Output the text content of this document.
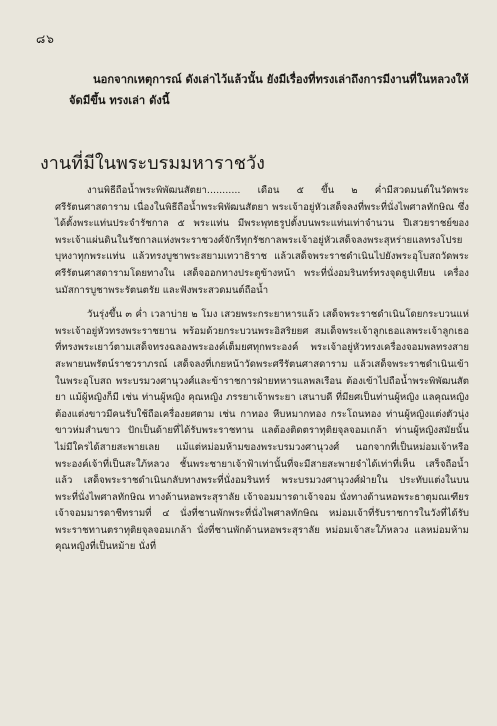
๘๖

นอกจากเหตุการณ์ ดังเล่าไว้แล้วนั้น ยังมีเรื่องที่ทรงเล่าถึงการมีงานที่ในหลวงให้จัดมีขึ้น ทรงเล่า ดังนี้

งานที่มีในพระบรมมหาราชวัง

งานพิธีถือน้ำพระพิพัฒนสัตยา........... เดือน ๕ ขึ้น ๒ ค่ำมีสวดมนต์ในวัดพระศรีรัตนศาสดาราม เนื่องในพิธีถือน้ำพระพิพัฒนสัตยา พระเจ้าอยู่หัวเสด็จลงที่พระที่นั่งไพศาลทักษิณ ซึ่งได้ตั้งพระแท่นประจำรัชกาล ๕ พระแท่น มีพระพุทธรูปตั้งบนพระแท่นเท่าจำนวน ปีเสวยราชย์ของพระเจ้าแผ่นดินในรัชกาลแห่งพระราชวงศ์จักรีทุกรัชกาลพระเจ้าอยู่หัวเสด็จลงพระสุหร่ายแลทรงโปรยบุหงาทุกพระแท่น แล้วทรงบูชาพระสยามเทวาธิราช แล้วเสด็จพระราชดำเนินไปยังพระอุโบสถวัดพระศรีรัตนศาสดารามโดยทางใน เสด็จออกทางประตูข้างหน้า พระที่นั่งอมรินทร์ทรงจุดธูปเทียน เครื่องนมัสการบูชาพระรัตนตรัย และฟังพระสวดมนต์ถือน้ำ

วันรุ่งขึ้น ๓ ค่ำ เวลาบ่าย ๒ โมง เสวยพระกระยาหารแล้ว เสด็จพระราชดำเนินโดยกระบวนแห่ พระเจ้าอยู่หัวทรงพระราชยาน พร้อมด้วยกระบวนพระอิสริยยศ สมเด็จพระเจ้าลูกเธอแลพระเจ้าลูกเธอ ที่ทรงพระเยาว์ตามเสด็จทรงฉลองพระองค์เต็มยศทุกพระองค์ พระเจ้าอยู่หัวทรงเครื่องจอมพลทรงสายสะพายนพรัตน์ราชวราภรณ์ เสด็จลงที่เกยหน้าวัดพระศรีรัตนศาสดาราม แล้วเสด็จพระราชดำเนินเข้าในพระอุโบสถ พระบรมวงศานุวงศ์และข้าราชการฝ่ายทหารแลพลเรือน ต้องเข้าไปถือน้ำพระพิพัฒนสัตยา แม้ผู้หญิงก็มี เช่น ท่านผู้หญิง คุณหญิง ภรรยาเจ้าพระยา เสนาบดี ที่มียศเป็นท่านผู้หญิง แลคุณหญิง ต้องแต่งขาวมีคนรับใช้ถือเครื่องยศตาม เช่น กาทอง หีบหมากทอง กระโถนทอง ท่านผู้หญิงแต่งตัวนุ่งขาวห่มสำนขาว ปักเป็นด้ายที่ได้รับพระราชทาน แลต้องติดตราทุติยจุลจอมเกล้า ท่านผู้หญิงสมัยนั้นไม่มีใครได้สายสะพายเลย แม้แต่หม่อมห้ามของพระบรมวงศานุวงศ์ นอกจากที่เป็นหม่อมเจ้าหรือพระองค์เจ้าที่เป็นสะใภ้หลวง ชั้นพระชายาเจ้าฟ้าเท่านั้นที่จะมีสายสะพายจำได้เท่าที่เห็น เสร็จถือน้ำแล้ว เสด็จพระราชดำเนินกลับทางพระที่นั่งอมรินทร์ พระบรมวงศานุวงศ์ฝ่ายใน ประทับแต่งในบนพระที่นั่งไพศาลทักษิณ ทางด้านหอพระสุราลัย เจ้าจอมมารดาเจ้าจอม นั่งทางด้านหอพระธาตุมณเฑียร เจ้าจอมมารดาชีทรามที่ ๔ นั่งที่ชานพักพระที่นั่งไพศาลทักษิณ หม่อมเจ้าที่รับราชการในวังที่ได้รับพระราชทานตราทุติยจุลจอมเกล้า นั่งที่ชานพักด้านหอพระสุราลัย หม่อมเจ้าสะใภ้หลวง แลหม่อมห้าม คุณหญิงที่เป็นหม้าย นั่งที่
